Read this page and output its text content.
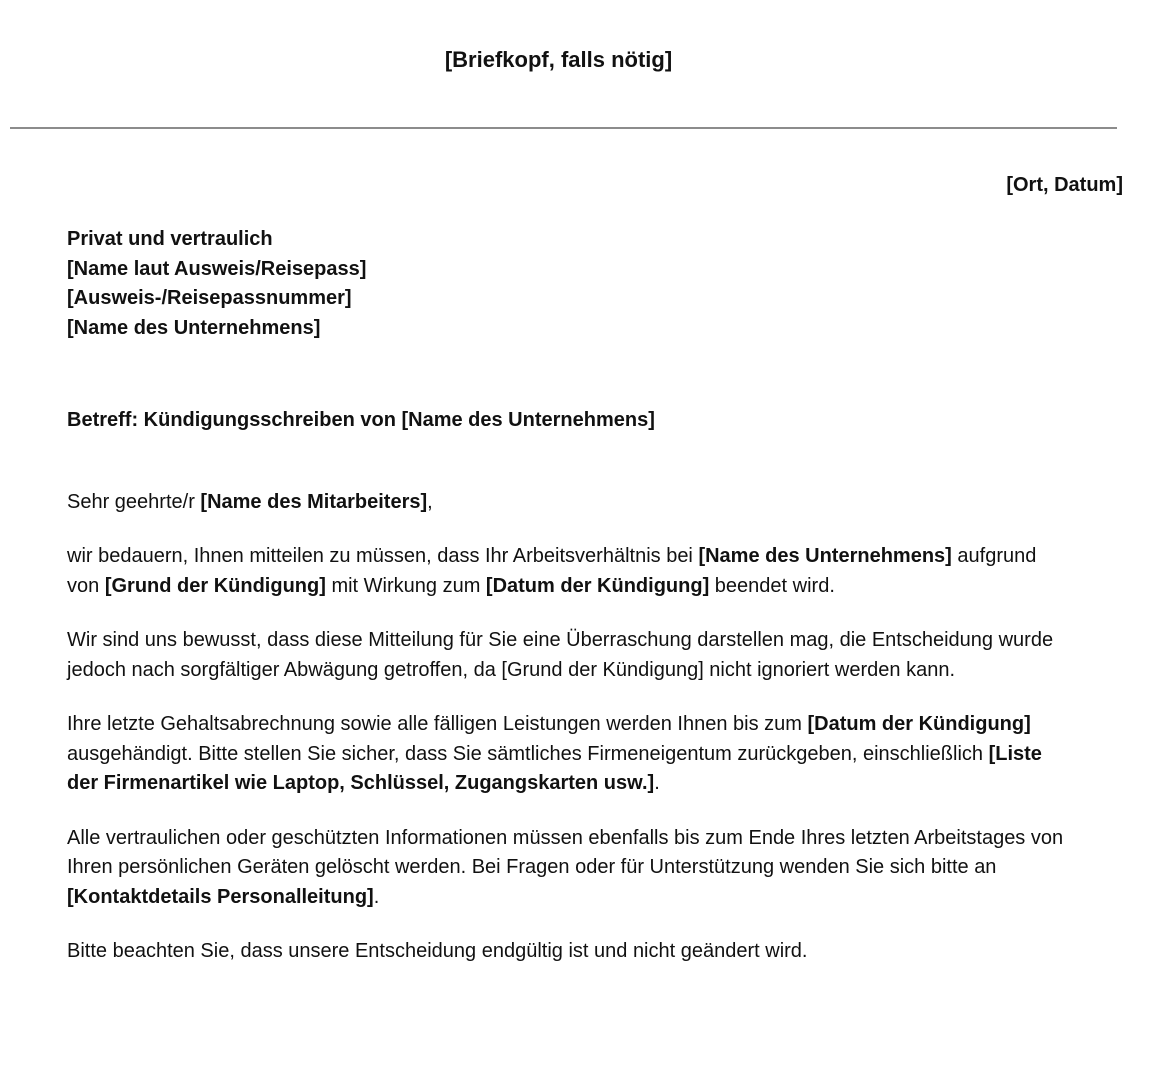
[Briefkopf, falls nötig]
[Ort, Datum]
Privat und vertraulich
[Name laut Ausweis/Reisepass]
[Ausweis-/Reisepassnummer]
[Name des Unternehmens]

Betreff: Kündigungsschreiben von [Name des Unternehmens]

Sehr geehrte/r [Name des Mitarbeiters],

wir bedauern, Ihnen mitteilen zu müssen, dass Ihr Arbeitsverhältnis bei [Name des Unternehmens] aufgrund von [Grund der Kündigung] mit Wirkung zum [Datum der Kündigung] beendet wird.

Wir sind uns bewusst, dass diese Mitteilung für Sie eine Überraschung darstellen mag, die Entscheidung wurde jedoch nach sorgfältiger Abwägung getroffen, da [Grund der Kündigung] nicht ignoriert werden kann.

Ihre letzte Gehaltsabrechnung sowie alle fälligen Leistungen werden Ihnen bis zum [Datum der Kündigung] ausgehändigt. Bitte stellen Sie sicher, dass Sie sämtliches Firmeneigentum zurückgeben, einschließlich [Liste der Firmenartikel wie Laptop, Schlüssel, Zugangskarten usw.].

Alle vertraulichen oder geschützten Informationen müssen ebenfalls bis zum Ende Ihres letzten Arbeitstages von Ihren persönlichen Geräten gelöscht werden. Bei Fragen oder für Unterstützung wenden Sie sich bitte an [Kontaktdetails Personalleitung].

Bitte beachten Sie, dass unsere Entscheidung endgültig ist und nicht geändert wird.
